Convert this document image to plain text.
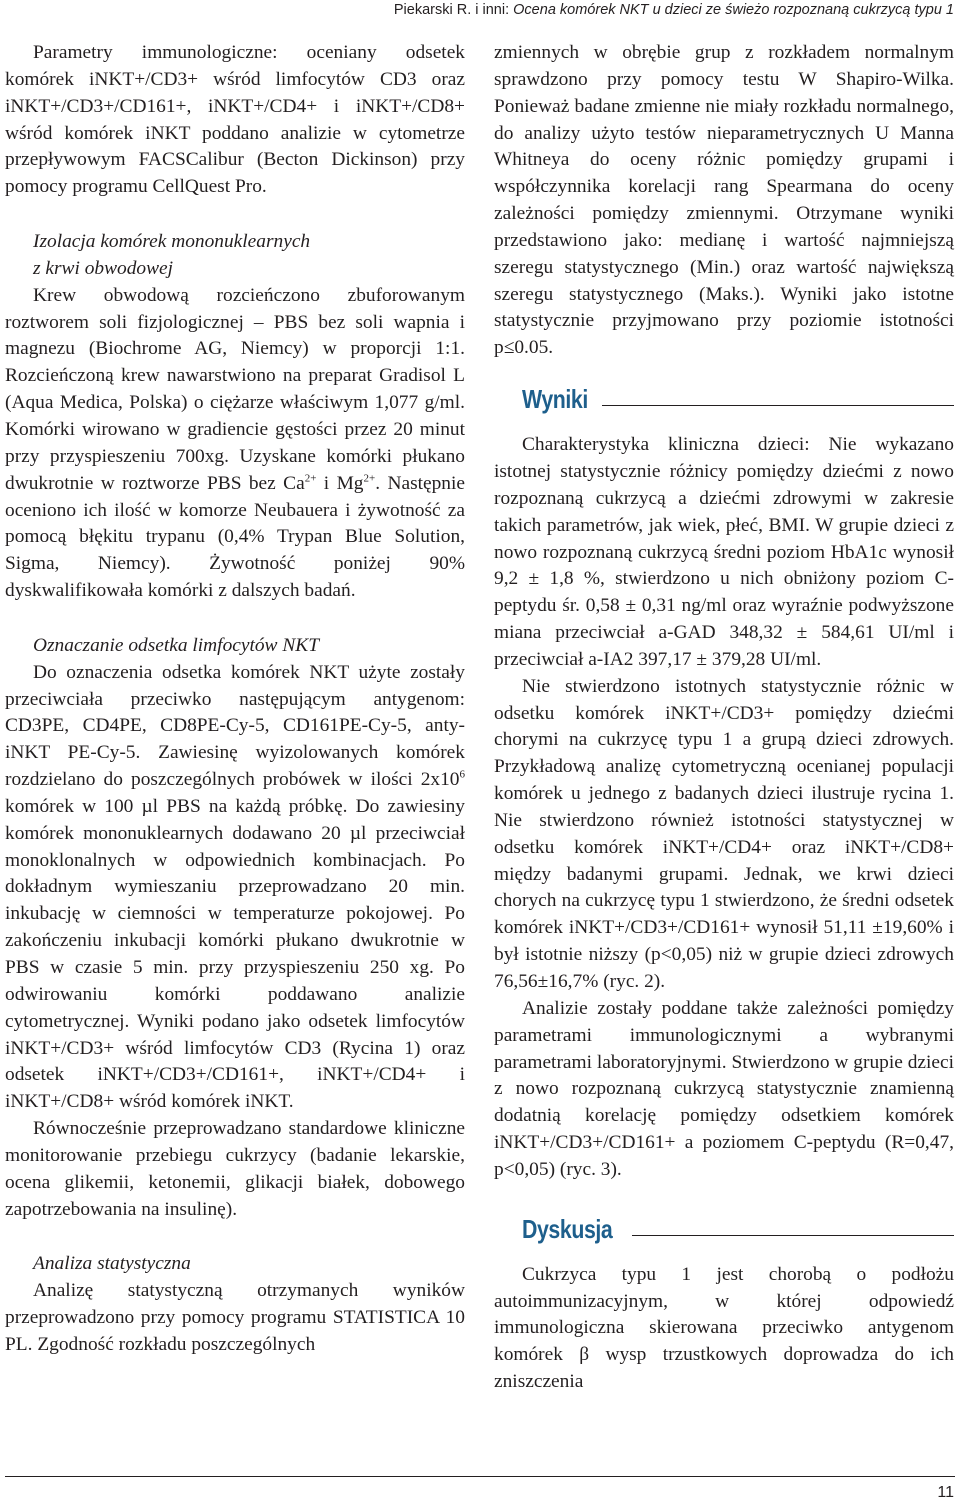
Piekarski R. i inni: Ocena komórek NKT u dzieci ze świeżo rozpoznaną cukrzycą typu 1

Parametry immunologiczne: oceniany odsetek komórek iNKT+/CD3+ wśród limfocytów CD3 oraz iNKT+/CD3+/CD161+, iNKT+/CD4+ i iNKT+/CD8+ wśród komórek iNKT poddano analizie w cytometrze przepływowym FACSCalibur (Becton Dickinson) przy pomocy programu CellQuest Pro.

Izolacja komórek mononuklearnych

z krwi obwodowej

Krew obwodową rozcieńczono zbuforowanym roztworem soli fizjologicznej – PBS bez soli wapnia i magnezu (Biochrome AG, Niemcy) w proporcji 1:1. Rozcieńczoną krew nawarstwiono na preparat Gradisol L (Aqua Medica, Polska) o ciężarze właściwym 1,077 g/ml. Komórki wirowano w gradiencie gęstości przez 20 minut przy przyspieszeniu 700xg. Uzyskane komórki płukano dwukrotnie w roztworze PBS bez $Ca^{2+}$ i $Mg^{2+}$. Następnie oceniono ich ilość w komorze Neubauera i żywotność za pomocą błękitu trypanu (0,4% Trypan Blue Solution, Sigma, Niemcy). Żywotność poniżej 90% dyskwalifikowała komórki z dalszych badań.

Oznaczanie odsetka limfocytów NKT

Do oznaczenia odsetka komórek NKT użyte zostały przeciwciała przeciwko następującym antygenom: CD3PE, CD4PE, CD8PE-Cy-5, CD161PE-Cy-5, anty- iNKT PE-Cy-5. Zawiesinę wyizolowanych komórek rozdzielano do poszczególnych probówek w ilości $2x10^6$ komórek w 100 µl PBS na każdą próbkę. Do zawiesiny komórek mononuklearnych dodawano 20 µl przeciwciał monoklonalnych w odpowiednich kombinacjach. Po dokładnym wymieszaniu przeprowadzano 20 min. inkubację w ciemności w temperaturze pokojowej. Po zakończeniu inkubacji komórki płukano dwukrotnie w PBS w czasie 5 min. przy przyspieszeniu 250 xg. Po odwirowaniu komórki poddawano analizie cytometrycznej. Wyniki podano jako odsetek limfocytów iNKT+/CD3+ wśród limfocytów CD3 (Rycina 1) oraz odsetek iNKT+/CD3+/CD161+, iNKT+/CD4+ i iNKT+/CD8+ wśród komórek iNKT.

Równocześnie przeprowadzano standardowe kliniczne monitorowanie przebiegu cukrzycy (badanie lekarskie, ocena glikemii, ketonemii, glikacji białek, dobowego zapotrzebowania na insulinę).

Analiza statystyczna

Analizę statystyczną otrzymanych wyników przeprowadzono przy pomocy programu STATISTICA 10 PL. Zgodność rozkładu poszczególnych

zmiennych w obrębie grup z rozkładem normalnym sprawdzono przy pomocy testu W Shapiro-Wilka. Ponieważ badane zmienne nie miały rozkładu normalnego, do analizy użyto testów nieparametrycznych U Manna Whitneya do oceny różnic pomiędzy grupami i współczynnika korelacji rang Spearmana do oceny zależności pomiędzy zmiennymi. Otrzymane wyniki przedstawiono jako: medianę i wartość najmniejszą szeregu statystycznego (Min.) oraz wartość największą szeregu statystycznego (Maks.). Wyniki jako istotne statystycznie przyjmowano przy poziomie istotności p≤0.05.

Wyniki

Charakterystyka kliniczna dzieci: Nie wykazano istotnej statystycznie różnicy pomiędzy dziećmi z nowo rozpoznaną cukrzycą a dziećmi zdrowymi w zakresie takich parametrów, jak wiek, płeć, BMI. W grupie dzieci z nowo rozpoznaną cukrzycą średni poziom HbA1c wynosił 9,2 ± 1,8 %, stwierdzono u nich obniżony poziom C-peptydu śr. 0,58 ± 0,31 ng/ml oraz wyraźnie podwyższone miana przeciwciał a-GAD 348,32 ± 584,61 UI/ml i przeciwciał a-IA2 397,17 ± 379,28 UI/ml.

Nie stwierdzono istotnych statystycznie różnic w odsetku komórek iNKT+/CD3+ pomiędzy dziećmi chorymi na cukrzycę typu 1 a grupą dzieci zdrowych. Przykładową analizę cytometryczną ocenianej populacji komórek u jednego z badanych dzieci ilustruje rycina 1. Nie stwierdzono również istotności statystycznej w odsetku komórek iNKT+/CD4+ oraz iNKT+/CD8+ między badanymi grupami. Jednak, we krwi dzieci chorych na cukrzycę typu 1 stwierdzono, że średni odsetek komórek iNKT+/CD3+/CD161+ wynosił 51,11 ±19,60% i był istotnie niższy (p<0,05) niż w grupie dzieci zdrowych 76,56±16,7% (ryc. 2).

Analizie zostały poddane także zależności pomiędzy parametrami immunologicznymi a wybranymi parametrami laboratoryjnymi. Stwierdzono w grupie dzieci z nowo rozpoznaną cukrzycą statystycznie znamienną dodatnią korelację pomiędzy odsetkiem komórek iNKT+/CD3+/CD161+ a poziomem C-peptydu (R=0,47, p<0,05) (ryc. 3).

Dyskusja

Cukrzyca typu 1 jest chorobą o podłożu autoimmunizacyjnym, w której odpowiedź immunologiczna skierowana przeciwko antygenom komórek β wysp trzustkowych doprowadza do ich zniszczenia

11
